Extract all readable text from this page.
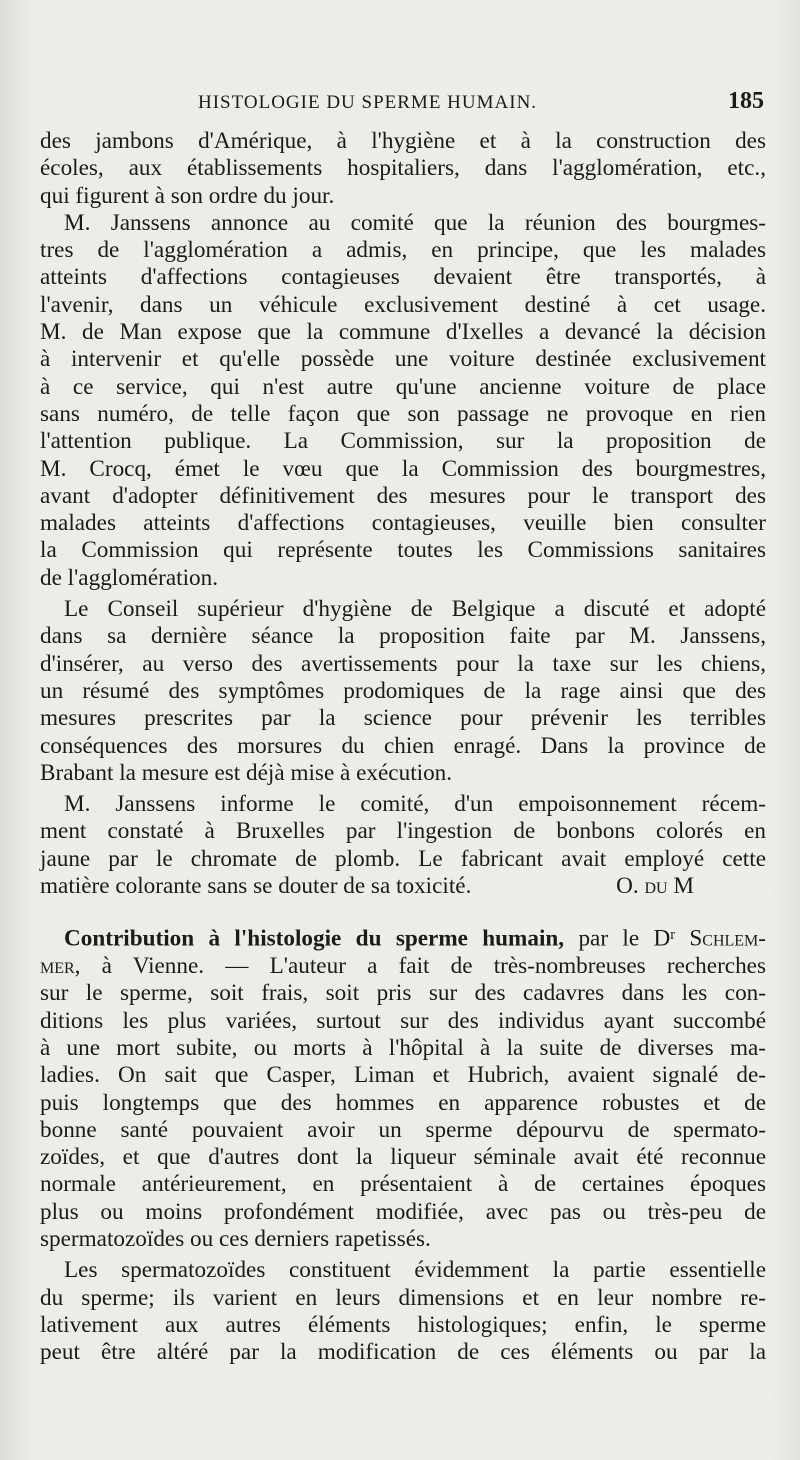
HISTOLOGIE DU SPERME HUMAIN.	185
des jambons d'Amérique, à l'hygiène et à la construction des
écoles, aux établissements hospitaliers, dans l'agglomération, etc.,
qui figurent à son ordre du jour.
M. Janssens annonce au comité que la réunion des bourgmes-
tres de l'agglomération a admis, en principe, que les malades
atteints d'affections contagieuses devaient être transportés, à
l'avenir, dans un véhicule exclusivement destiné à cet usage.
M. de Man expose que la commune d'Ixelles a devancé la décision
à intervenir et qu'elle possède une voiture destinée exclusivement
à ce service, qui n'est autre qu'une ancienne voiture de place
sans numéro, de telle façon que son passage ne provoque en rien
l'attention publique. La Commission, sur la proposition de
M. Crocq, émet le vœu que la Commission des bourgmestres,
avant d'adopter définitivement des mesures pour le transport des
malades atteints d'affections contagieuses, veuille bien consulter
la Commission qui représente toutes les Commissions sanitaires
de l'agglomération.
Le Conseil supérieur d'hygiène de Belgique a discuté et adopté
dans sa dernière séance la proposition faite par M. Janssens,
d'insérer, au verso des avertissements pour la taxe sur les chiens,
un résumé des symptômes prodomiques de la rage ainsi que des
mesures prescrites par la science pour prévenir les terribles
conséquences des morsures du chien enragé. Dans la province de
Brabant la mesure est déjà mise à exécution.
M. Janssens informe le comité, d'un empoisonnement récem-
ment constaté à Bruxelles par l'ingestion de bonbons colorés en
jaune par le chromate de plomb. Le fabricant avait employé cette
matière colorante sans se douter de sa toxicité.	O. du M
Contribution à l'histologie du sperme humain, par le $D^r$ Schlem-
mer, à Vienne. — L'auteur a fait de très-nombreuses recherches
sur le sperme, soit frais, soit pris sur des cadavres dans les con-
ditions les plus variées, surtout sur des individus ayant succombé
à une mort subite, ou morts à l'hôpital à la suite de diverses ma-
ladies. On sait que Casper, Liman et Hubrich, avaient signalé de-
puis longtemps que des hommes en apparence robustes et de
bonne santé pouvaient avoir un sperme dépourvu de spermato-
zoïdes, et que d'autres dont la liqueur séminale avait été reconnue
normale antérieurement, en présentaient à de certaines époques
plus ou moins profondément modifiée, avec pas ou très-peu de
spermatozoïdes ou ces derniers rapetissés.
Les spermatozoïdes constituent évidemment la partie essentielle
du sperme; ils varient en leurs dimensions et en leur nombre re-
lativement aux autres éléments histologiques; enfin, le sperme
peut être altéré par la modification de ces éléments ou par la
